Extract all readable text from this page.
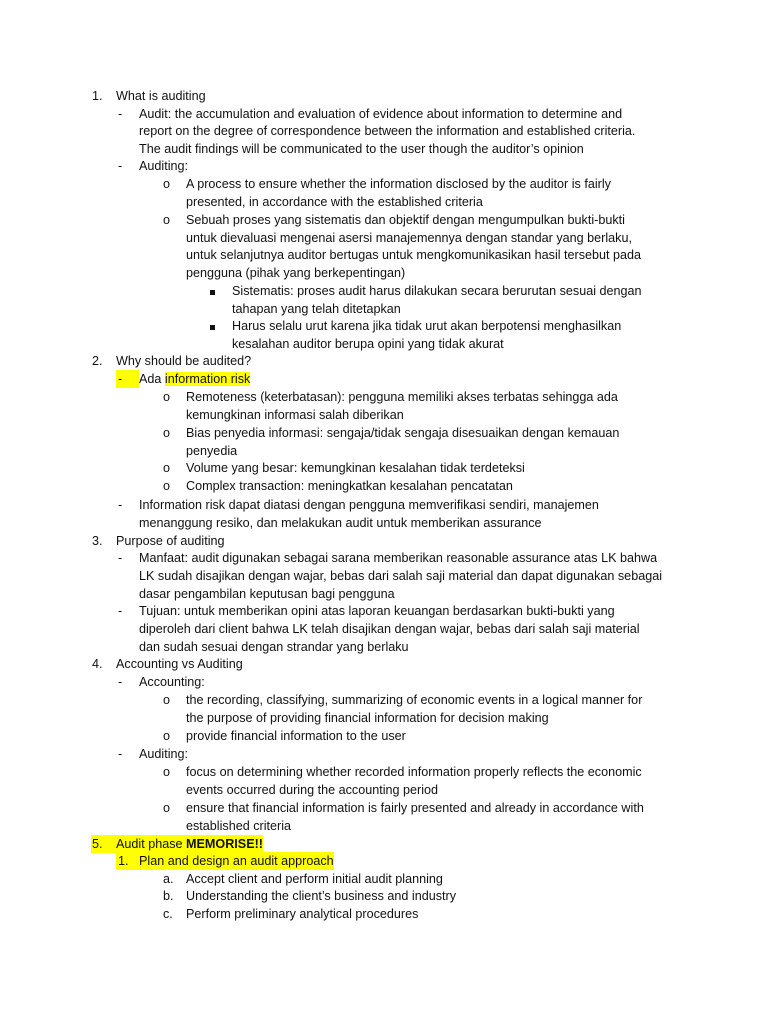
1. What is auditing
- Audit: the accumulation and evaluation of evidence about information to determine and
report on the degree of correspondence between the information and established criteria.
The audit findings will be communicated to the user though the auditor’s opinion
- Auditing:
o A process to ensure whether the information disclosed by the auditor is fairly
presented, in accordance with the established criteria
o Sebuah proses yang sistematis dan objektif dengan mengumpulkan bukti-bukti
untuk dievaluasi mengenai asersi manajemennya dengan standar yang berlaku,
untuk selanjutnya auditor bertugas untuk mengkomunikasikan hasil tersebut pada
pengguna (pihak yang berkepentingan)
Sistematis: proses audit harus dilakukan secara berurutan sesuai dengan
tahapan yang telah ditetapkan
Harus selalu urut karena jika tidak urut akan berpotensi menghasilkan
kesalahan auditor berupa opini yang tidak akurat
2. Why should be audited?
-	Ada information risk
o Remoteness (keterbatasan): pengguna memiliki akses terbatas sehingga ada
kemungkinan informasi salah diberikan
o Bias penyedia informasi: sengaja/tidak sengaja disesuaikan dengan kemauan
penyedia
o Volume yang besar: kemungkinan kesalahan tidak terdeteksi
o Complex transaction: meningkatkan kesalahan pencatatan
- Information risk dapat diatasi dengan pengguna memverifikasi sendiri, manajemen
menanggung resiko, dan melakukan audit untuk memberikan assurance
3. Purpose of auditing
- Manfaat: audit digunakan sebagai sarana memberikan reasonable assurance atas LK bahwa
LK sudah disajikan dengan wajar, bebas dari salah saji material dan dapat digunakan sebagai
dasar pengambilan keputusan bagi pengguna
- Tujuan: untuk memberikan opini atas laporan keuangan berdasarkan bukti-bukti yang
diperoleh dari client bahwa LK telah disajikan dengan wajar, bebas dari salah saji material
dan sudah sesuai dengan strandar yang berlaku
4. Accounting vs Auditing
- Accounting:
o the recording, classifying, summarizing of economic events in a logical manner for
the purpose of providing financial information for decision making
o provide financial information to the user
- Auditing:
o focus on determining whether recorded information properly reflects the economic
events occurred during the accounting period
o ensure that financial information is fairly presented and already in accordance with
established criteria
5.	Audit phase MEMORISE!!
1. Plan and design an audit approach
a. Accept client and perform initial audit planning
b. Understanding the client’s business and industry
c. Perform preliminary analytical procedures
